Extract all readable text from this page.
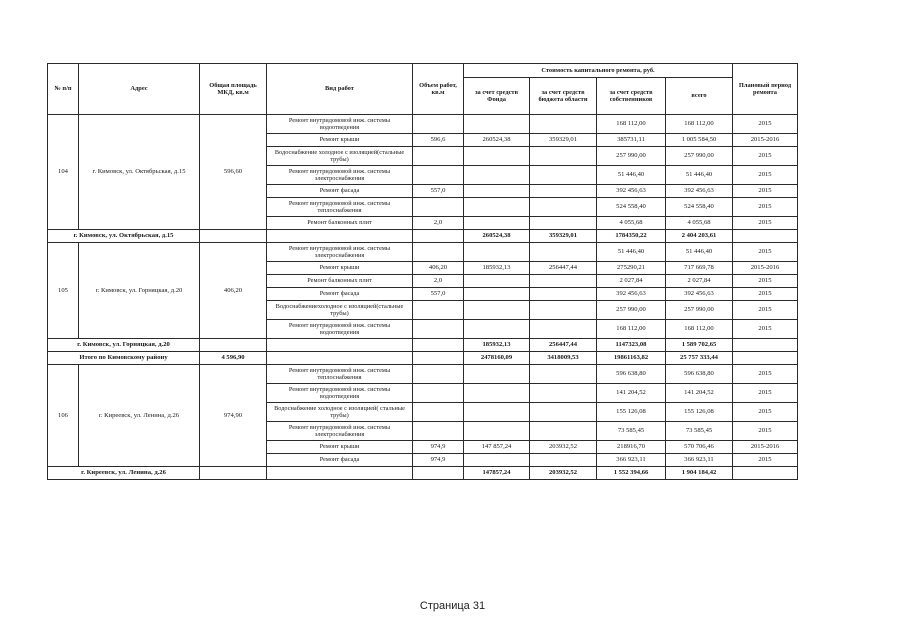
№ п/п	Адрес	Общая площадь МКД, кв.м	Вид работ	Объем работ, кв.м	Стоимость капитального ремонта, руб.				Плановый период ремонта
					за счет средств Фонда	за счет средств бюджета области	за счет средств собственников	всего	
104	г. Кимовск, ул. Октябрьская, д.15	596,60	Ремонт внутридомовой инж. системы водоотведения				168 112,00	168 112,00	2015
			Ремонт крыши	596,6	260524,38	359329,01	385731,11	1 005 584,50	2015-2016
			Водоснабжение холодное с изоляцией(стальные трубы)				257 990,00	257 990,00	2015
			Ремонт внутридомовой инж. системы электроснабжения				51 446,40	51 446,40	2015
			Ремонт фасада	557,0			392 456,63	392 456,63	2015
			Ремонт внутридомовой инж. системы теплоснабжения				524 558,40	524 558,40	2015
			Ремонт балконных плит	2,0			4 055,68	4 055,68	2015
г. Кимовск, ул. Октябрьская, д.15					260524,38	359329,01	1784350,22	2 404 203,61	
105	г. Кимовск, ул. Горняцкая, д.20	406,20	Ремонт внутридомовой инж. системы электроснабжения				51 446,40	51 446,40	2015
			Ремонт крыши	406,20	185932,13	256447,44	275290,21	717 669,78	2015-2016
			Ремонт балконных плит	2,0			2 027,84	2 027,84	2015
			Ремонт фасада	557,0			392 456,63	392 456,63	2015
			Водоснабжениехолодное с изоляцией(стальные трубы)				257 990,00	257 990,00	2015
			Ремонт внутридомовой инж. системы водоотведения				168 112,00	168 112,00	2015
г. Кимовск, ул. Горняцкая, д.20					185932,13	256447,44	1147323,08	1 589 702,65	
Итого по Кимовскому району		4 596,90			2478160,09	3418009,53	19861163,82	25 757 333,44	
106	г. Киреевск, ул. Ленина, д.26	974,90	Ремонт внутридомовой инж. системы теплоснабжения				596 638,80	596 638,80	2015
			Ремонт внутридомовой инж. системы водоотведения				141 204,52	141 204,52	2015
			Водоснабжение холодное с изоляцией( стальные трубы)				155 126,08	155 126,08	2015
			Ремонт внутридомовой инж. системы электроснабжения				73 585,45	73 585,45	2015
			Ремонт крыши	974,9	147 857,24	203932,52	218916,70	570 706,46	2015-2016
			Ремонт фасада	974,9			366 923,11	366 923,11	2015
г. Киреевск, ул. Ленина, д.26					147857,24	203932,52	1 552 394,66	1 904 184,42	
Страница 31
